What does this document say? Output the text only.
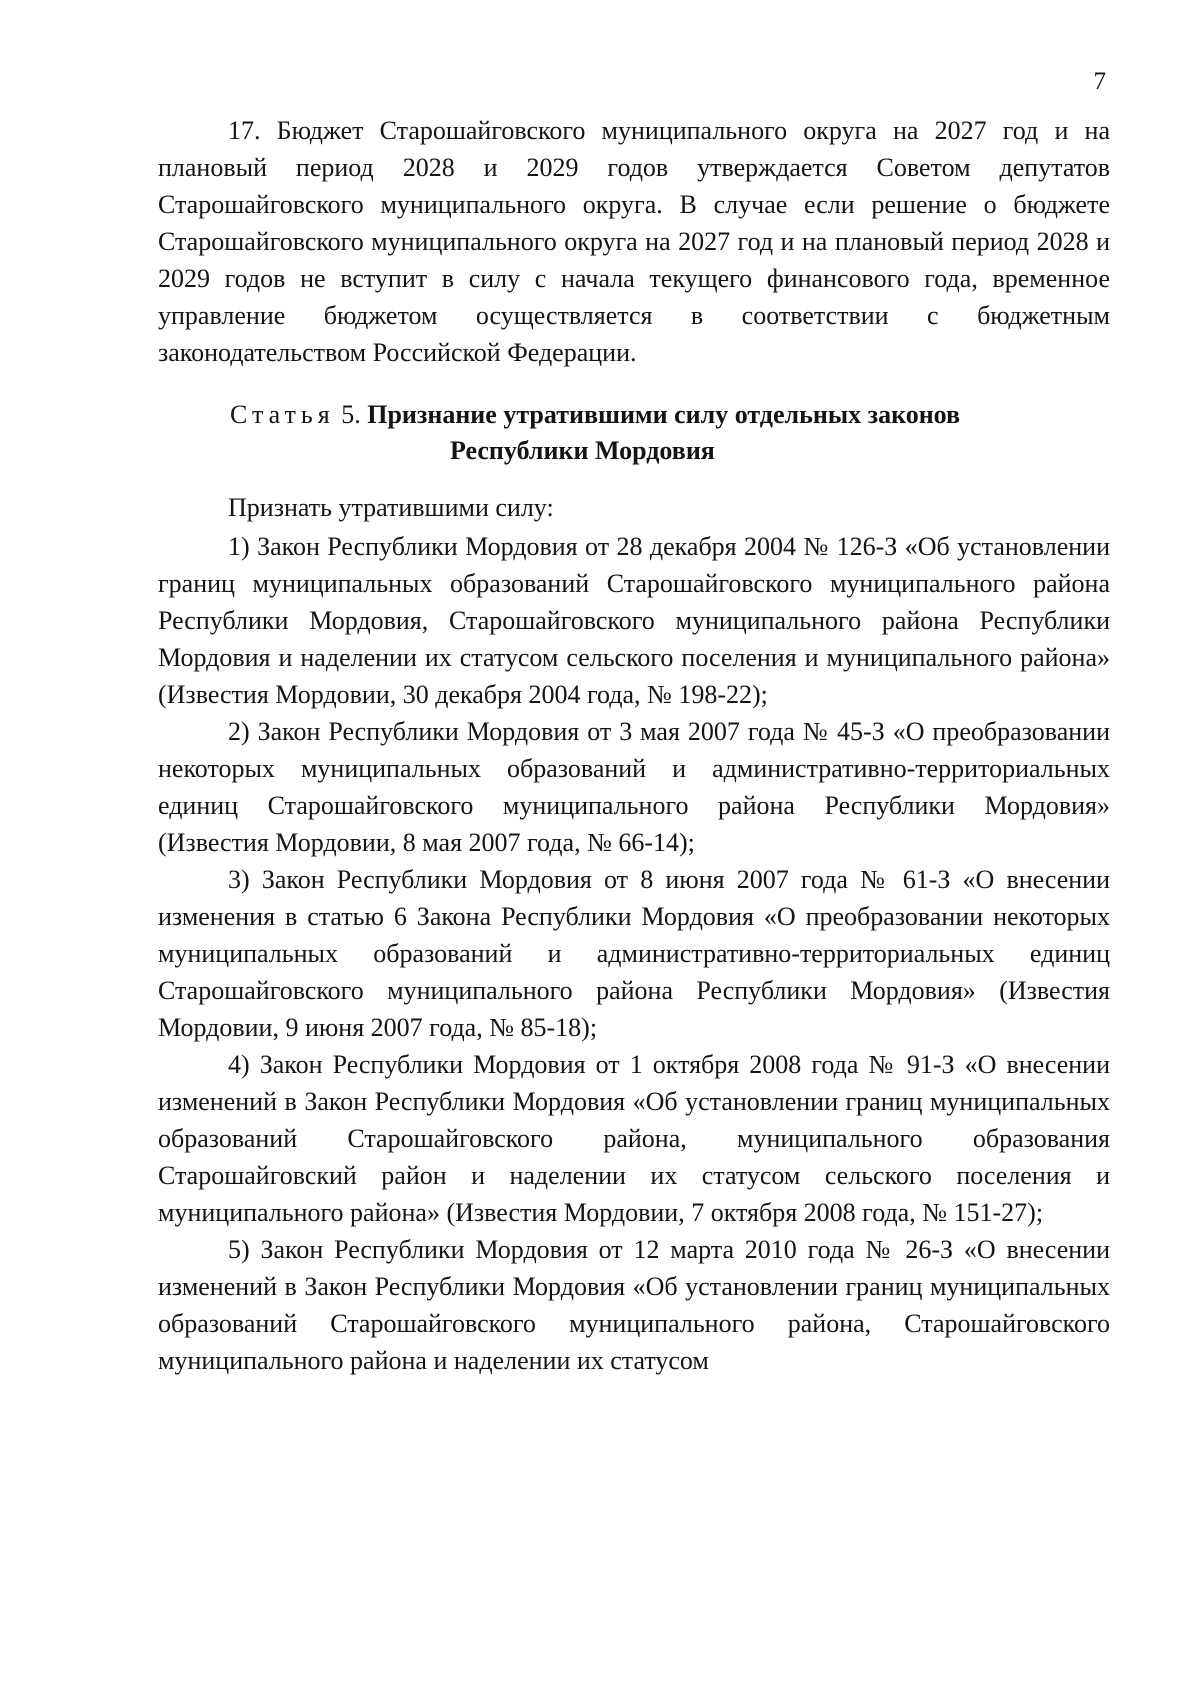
7

17. Бюджет Старошайговского муниципального округа на 2027 год и на плановый период 2028 и 2029 годов утверждается Советом депутатов Старошайговского муниципального округа. В случае если решение о бюджете Старошайговского муниципального округа на 2027 год и на плановый период 2028 и 2029 годов не вступит в силу с начала текущего финансового года, временное управление бюджетом осуществляется в соответствии с бюджетным законодательством Российской Федерации.

Статья 5. Признание утратившими силу отдельных законов
Республики Мордовия

Признать утратившими силу:

1) Закон Республики Мордовия от 28 декабря 2004 № 126-З «Об установлении границ муниципальных образований Старошайговского муниципального района Республики Мордовия, Старошайговского муниципального района Республики Мордовия и наделении их статусом сельского поселения и муниципального района» (Известия Мордовии, 30 декабря 2004 года, № 198-22);

2) Закон Республики Мордовия от 3 мая 2007 года № 45-З «О преобразовании некоторых муниципальных образований и административно-территориальных единиц Старошайговского муниципального района Республики Мордовия» (Известия Мордовии, 8 мая 2007 года, № 66-14);

3) Закон Республики Мордовия от 8 июня 2007 года № 61-З «О внесении изменения в статью 6 Закона Республики Мордовия «О преобразовании некоторых муниципальных образований и административно-территориальных единиц Старошайговского муниципального района Республики Мордовия» (Известия Мордовии, 9 июня 2007 года, № 85-18);

4) Закон Республики Мордовия от 1 октября 2008 года № 91-З «О внесении изменений в Закон Республики Мордовия «Об установлении границ муниципальных образований Старошайговского района, муниципального образования Старошайговский район и наделении их статусом сельского поселения и муниципального района» (Известия Мордовии, 7 октября 2008 года, № 151-27);

5) Закон Республики Мордовия от 12 марта 2010 года № 26-З «О внесении изменений в Закон Республики Мордовия «Об установлении границ муниципальных образований Старошайговского муниципального района, Старошайговского муниципального района и наделении их статусом
